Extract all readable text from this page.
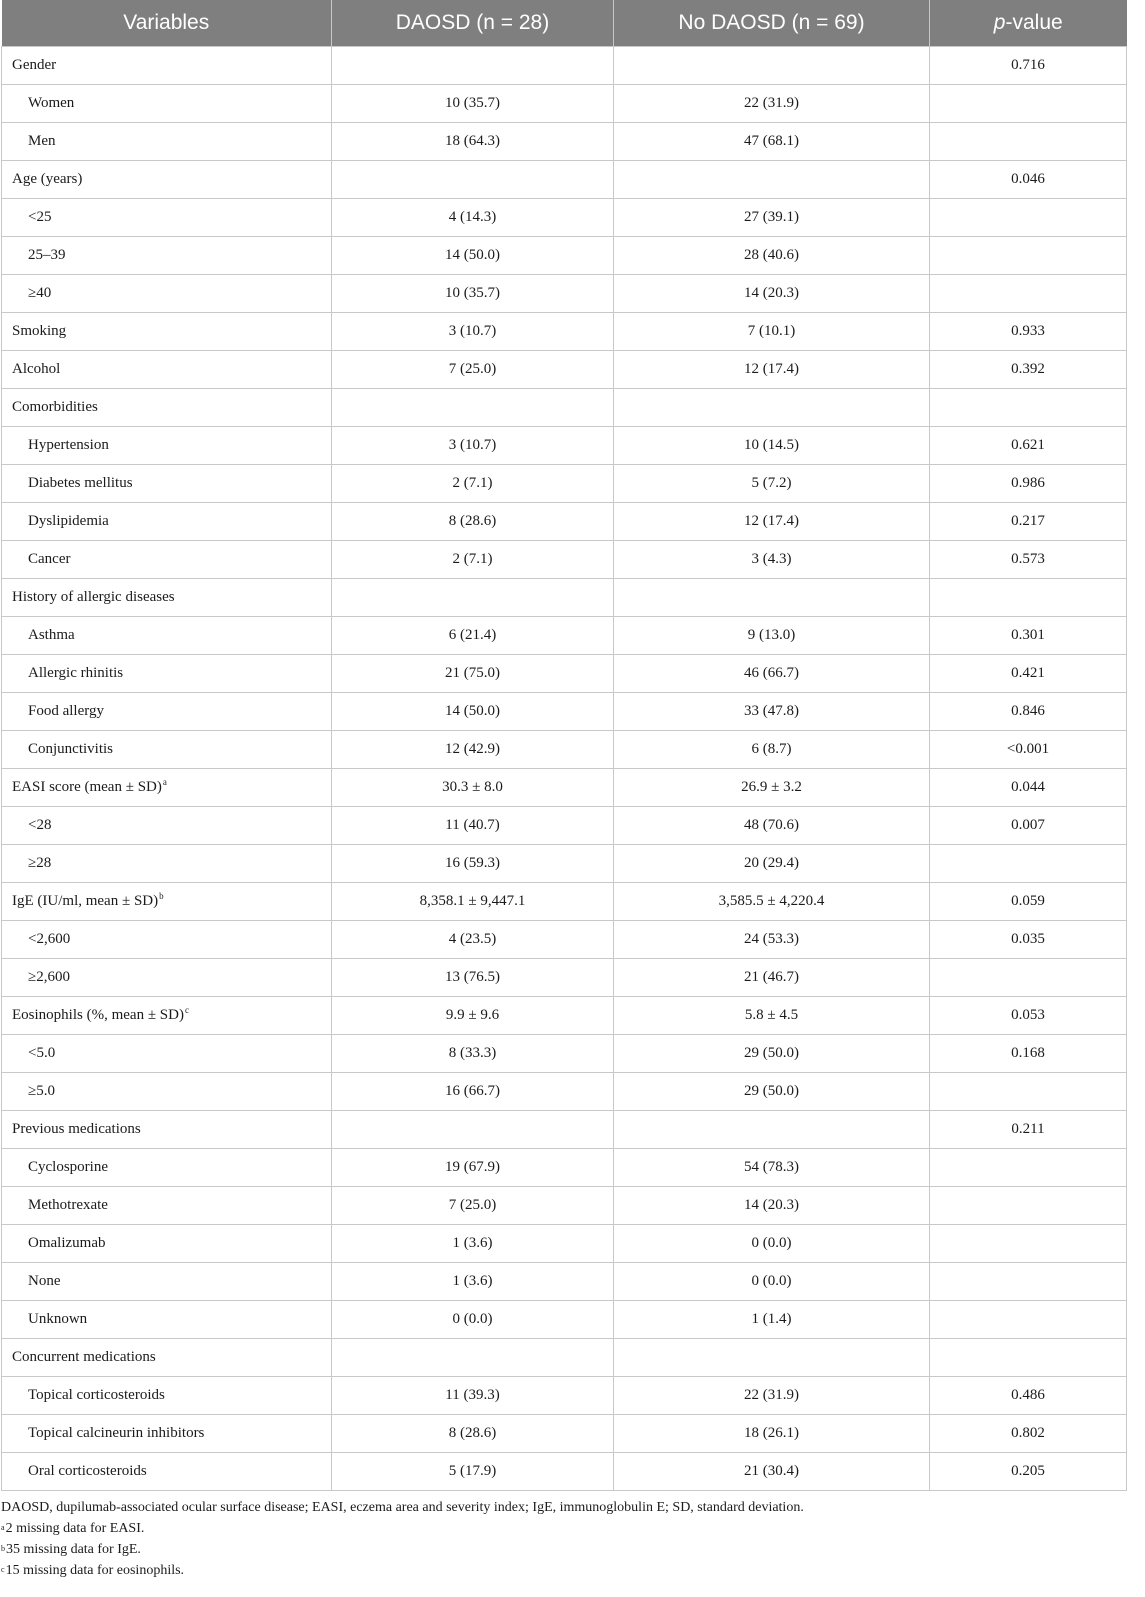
Variables	DAOSD (n = 28)	No DAOSD (n = 69)	p-value
Gender			0.716
Women	10 (35.7)	22 (31.9)	
Men	18 (64.3)	47 (68.1)	
Age (years)			0.046
<25	4 (14.3)	27 (39.1)	
25–39	14 (50.0)	28 (40.6)	
≥40	10 (35.7)	14 (20.3)	
Smoking	3 (10.7)	7 (10.1)	0.933
Alcohol	7 (25.0)	12 (17.4)	0.392
Comorbidities			
Hypertension	3 (10.7)	10 (14.5)	0.621
Diabetes mellitus	2 (7.1)	5 (7.2)	0.986
Dyslipidemia	8 (28.6)	12 (17.4)	0.217
Cancer	2 (7.1)	3 (4.3)	0.573
History of allergic diseases			
Asthma	6 (21.4)	9 (13.0)	0.301
Allergic rhinitis	21 (75.0)	46 (66.7)	0.421
Food allergy	14 (50.0)	33 (47.8)	0.846
Conjunctivitis	12 (42.9)	6 (8.7)	<0.001
EASI score (mean ± SD)$^a$	30.3 ± 8.0	26.9 ± 3.2	0.044
<28	11 (40.7)	48 (70.6)	0.007
≥28	16 (59.3)	20 (29.4)	
IgE (IU/ml, mean ± SD)$^b$	8,358.1 ± 9,447.1	3,585.5 ± 4,220.4	0.059
<2,600	4 (23.5)	24 (53.3)	0.035
≥2,600	13 (76.5)	21 (46.7)	
Eosinophils (%, mean ± SD)$^c$	9.9 ± 9.6	5.8 ± 4.5	0.053
<5.0	8 (33.3)	29 (50.0)	0.168
≥5.0	16 (66.7)	29 (50.0)	
Previous medications			0.211
Cyclosporine	19 (67.9)	54 (78.3)	
Methotrexate	7 (25.0)	14 (20.3)	
Omalizumab	1 (3.6)	0 (0.0)	
None	1 (3.6)	0 (0.0)	
Unknown	0 (0.0)	1 (1.4)	
Concurrent medications			
Topical corticosteroids	11 (39.3)	22 (31.9)	0.486
Topical calcineurin inhibitors	8 (28.6)	18 (26.1)	0.802
Oral corticosteroids	5 (17.9)	21 (30.4)	0.205
DAOSD, dupilumab-associated ocular surface disease; EASI, eczema area and severity index; IgE, immunoglobulin E; SD, standard deviation.
$^a$2 missing data for EASI.
$^b$35 missing data for IgE.
$^c$15 missing data for eosinophils.
